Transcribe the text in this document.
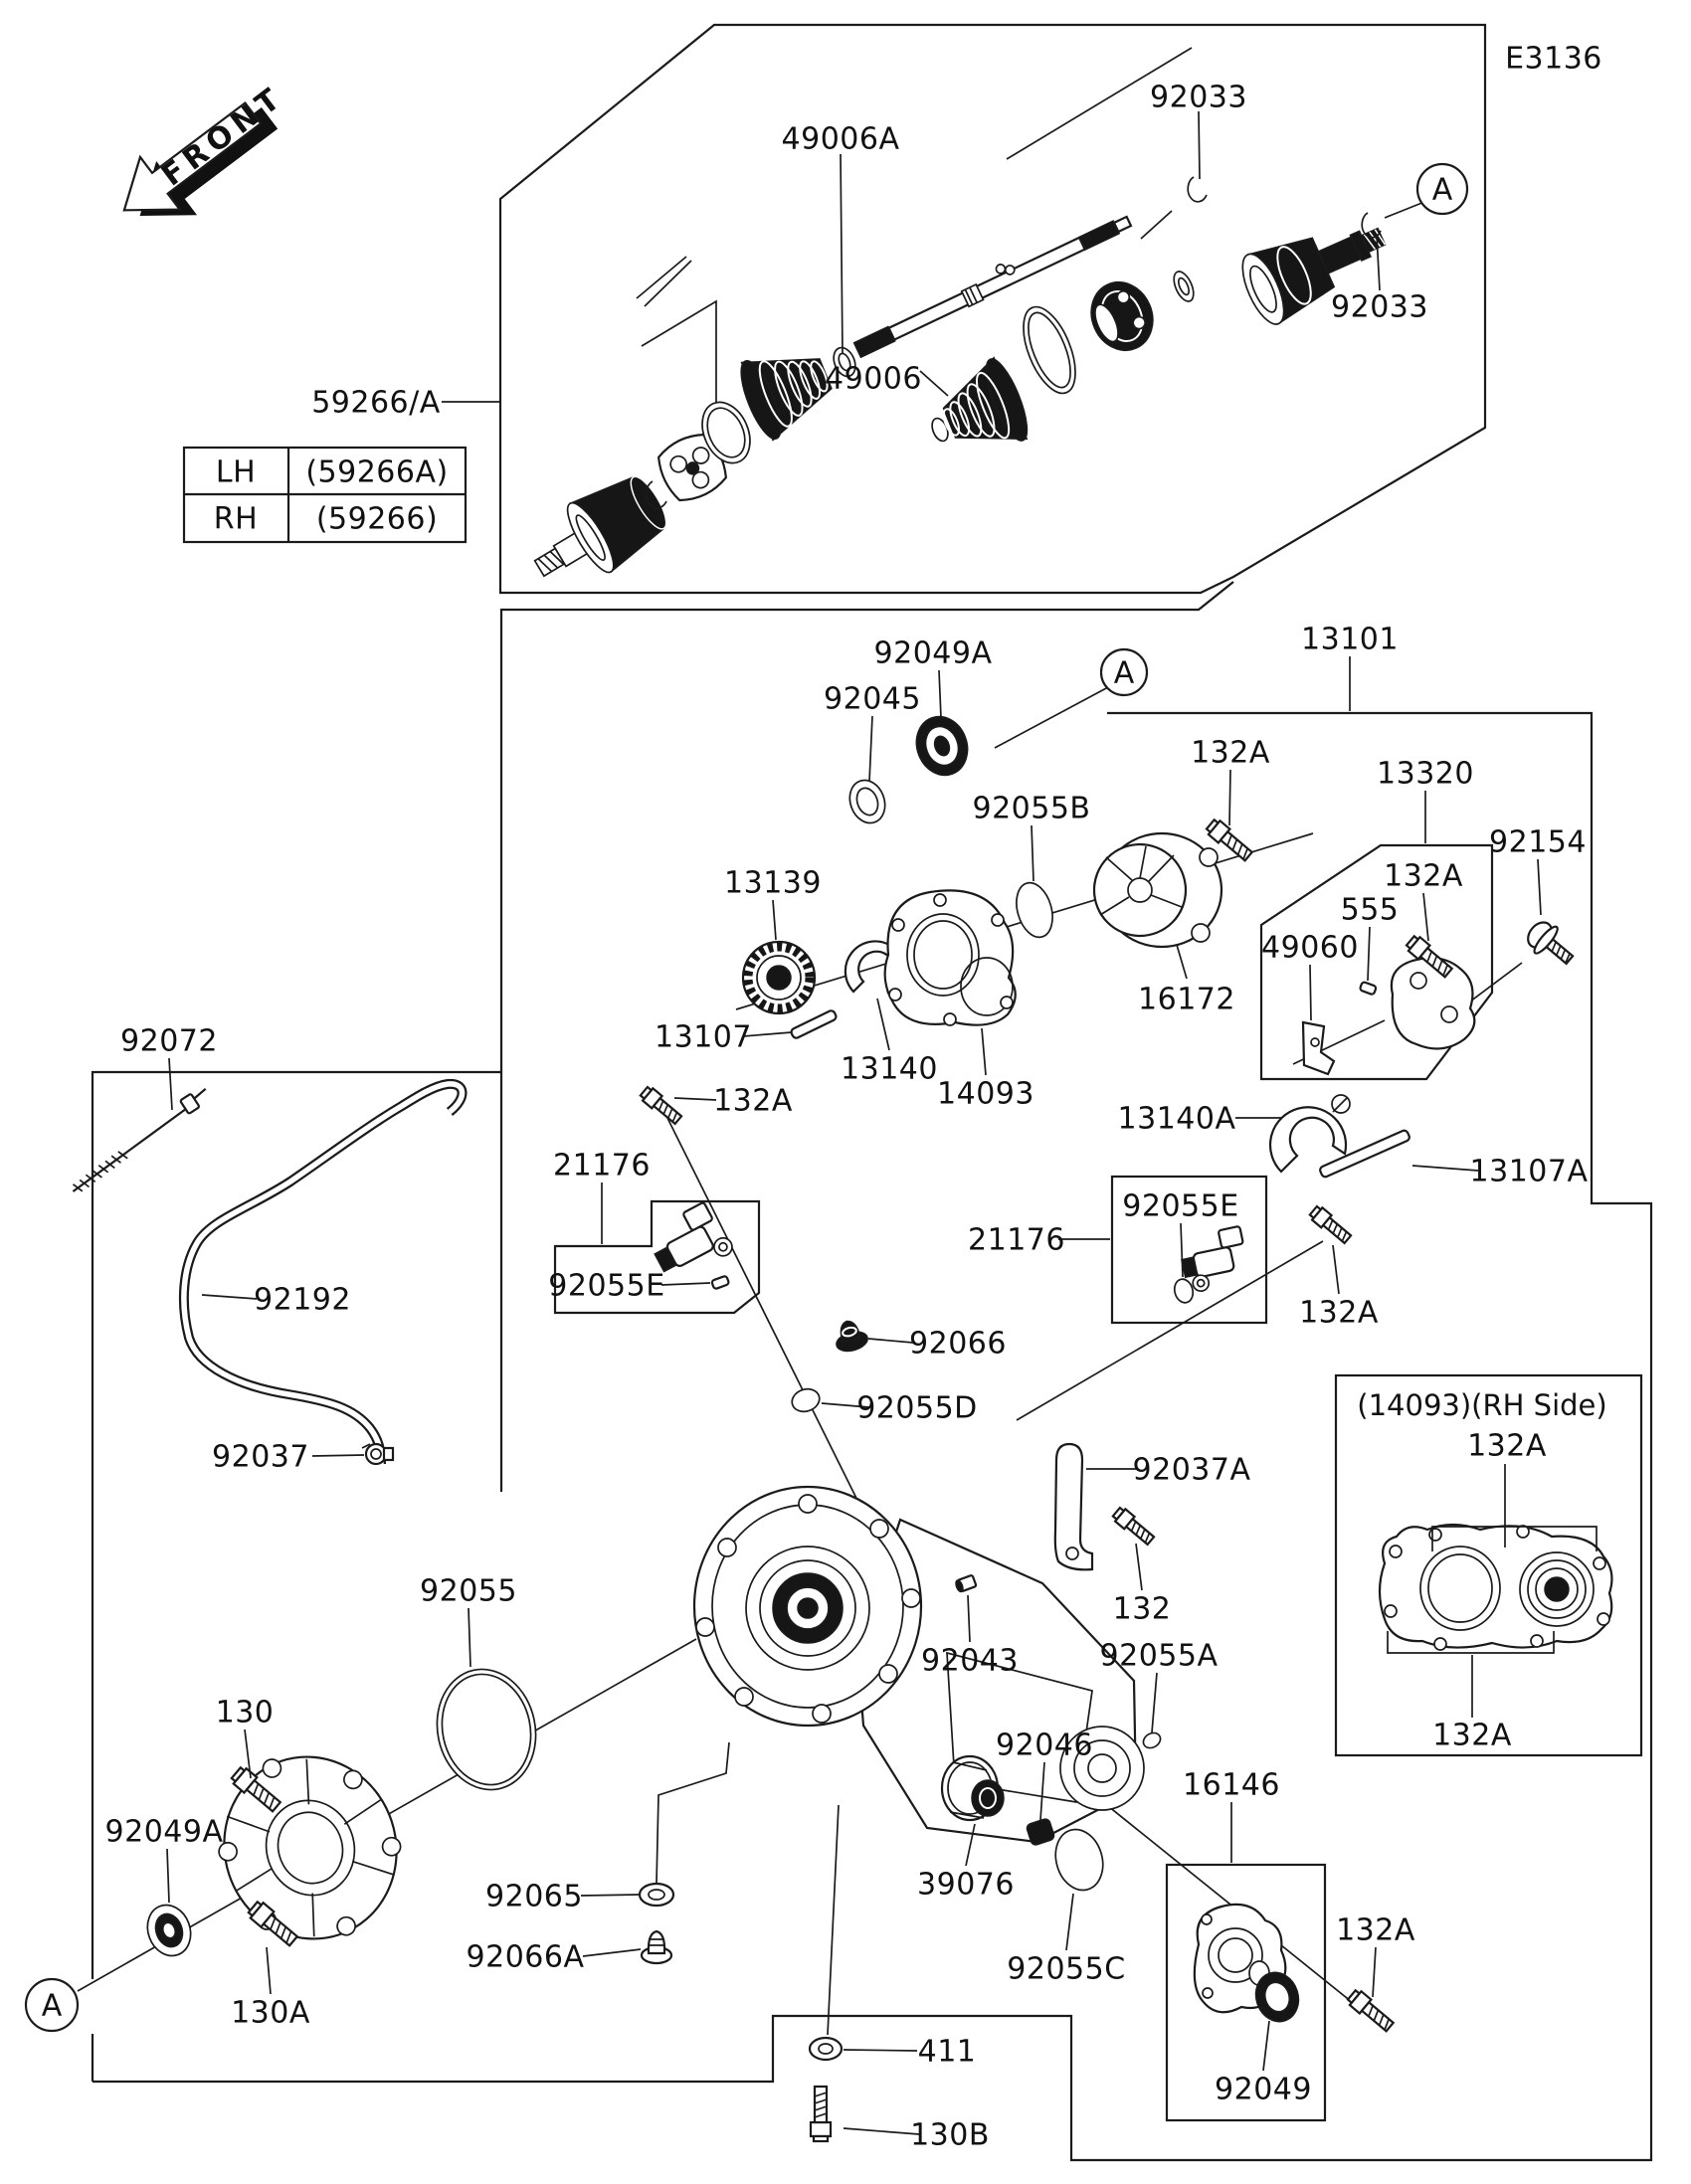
LH (59266A)
RH (59266)
E3136
92033
49006A
92033
59266/A
49006
13101
92049A
92045
92055B
13320
92154
132A
132A
13139
555
49060
16172
13107
13140
14093
132A
13140A
13107A
92072
21176
92055E
21176
92055E
132A
92192
92066
92055D
92037	92037A
(14093)(RH Side)
132A
132A
92055
132
92043	92055A
130
92046
16146
92049A
39076
92065
92055C
92066A
132A
130A
92049
411
130B
A
A
A
FRONT
